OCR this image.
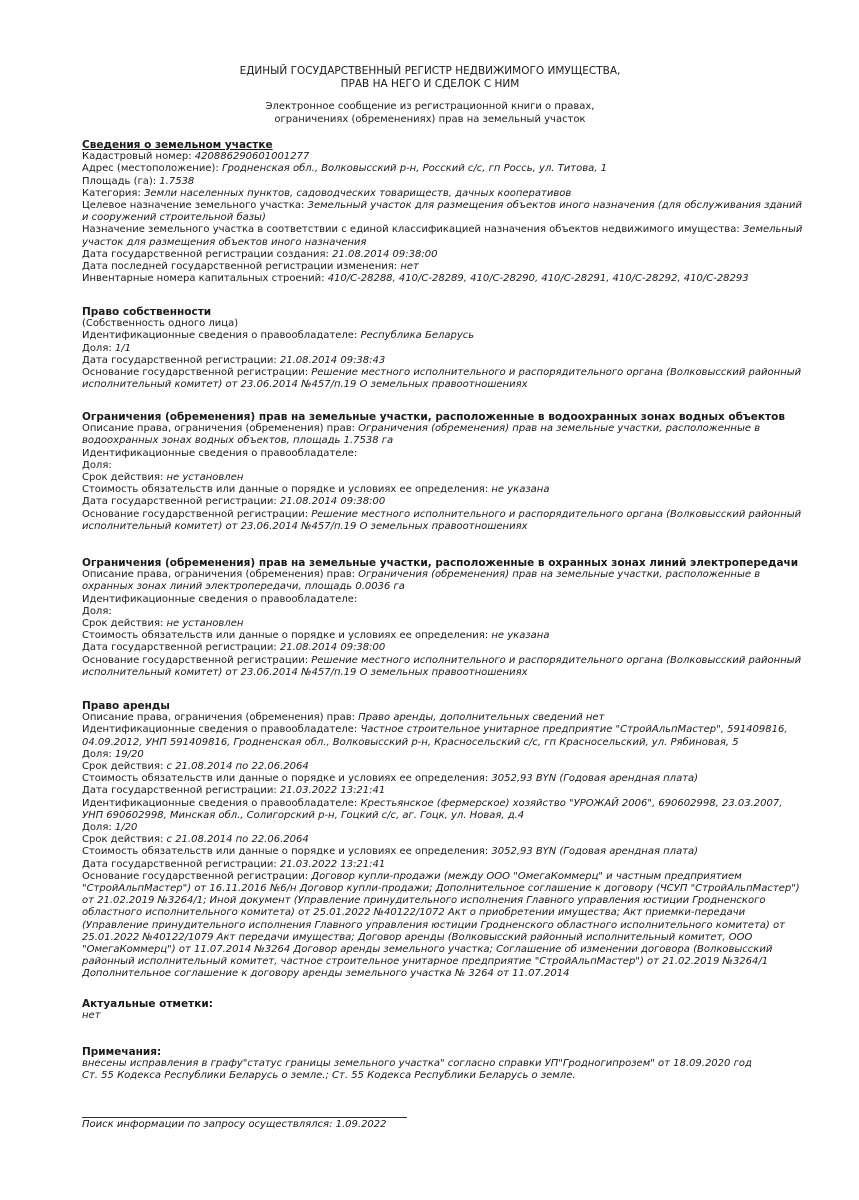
ЕДИНЫЙ ГОСУДАРСТВЕННЫЙ РЕГИСТР НЕДВИЖИМОГО ИМУЩЕСТВА,
ПРАВ НА НЕГО И СДЕЛОК С НИМ
Электронное сообщение из регистрационной книги о правах,
ограничениях (обременениях) прав на земельный участок
Сведения о земельном участке
Кадастровый номер: 420886290601001277
Адрес (местоположение): Гродненская обл., Волковысский р-н, Росский с/с, гп Россь, ул. Титова, 1
Площадь (га): 1.7538
Категория: Земли населенных пунктов, садоводческих товариществ, дачных кооперативов
Целевое назначение земельного участка: Земельный участок для размещения объектов иного назначения (для обслуживания зданий и сооружений строительной базы)
Назначение земельного участка в соответствии с единой классификацией назначения объектов недвижимого имущества: Земельный участок для размещения объектов иного назначения
Дата государственной регистрации создания: 21.08.2014 09:38:00
Дата последней государственной регистрации изменения: нет
Инвентарные номера капитальных строений: 410/C-28288, 410/C-28289, 410/C-28290, 410/C-28291, 410/C-28292, 410/C-28293
Право собственности
(Собственность одного лица)
Идентификационные сведения о правообладателе: Республика Беларусь
Доля: 1/1
Дата государственной регистрации: 21.08.2014 09:38:43
Основание государственной регистрации: Решение местного исполнительного и распорядительного органа (Волковысский районный исполнительный комитет) от 23.06.2014 №457/п.19 О земельных правоотношениях
Ограничения (обременения) прав на земельные участки, расположенные в водоохранных зонах водных объектов
Описание права, ограничения (обременения) прав: Ограничения (обременения) прав на земельные участки, расположенные в водоохранных зонах водных объектов, площадь 1.7538 га
Идентификационные сведения о правообладателе:
Доля:
Срок действия: не установлен
Стоимость обязательств или данные о порядке и условиях ее определения: не указана
Дата государственной регистрации: 21.08.2014 09:38:00
Основание государственной регистрации: Решение местного исполнительного и распорядительного органа (Волковысский районный исполнительный комитет) от 23.06.2014 №457/п.19 О земельных правоотношениях
Ограничения (обременения) прав на земельные участки, расположенные в охранных зонах линий электропередачи
Описание права, ограничения (обременения) прав: Ограничения (обременения) прав на земельные участки, расположенные в охранных зонах линий электропередачи, площадь 0.0036 га
Идентификационные сведения о правообладателе:
Доля:
Срок действия: не установлен
Стоимость обязательств или данные о порядке и условиях ее определения: не указана
Дата государственной регистрации: 21.08.2014 09:38:00
Основание государственной регистрации: Решение местного исполнительного и распорядительного органа (Волковысский районный исполнительный комитет) от 23.06.2014 №457/п.19 О земельных правоотношениях
Право аренды
Описание права, ограничения (обременения) прав: Право аренды, дополнительных сведений нет
Идентификационные сведения о правообладателе: Частное строительное унитарное предприятие "СтройАльпМастер", 591409816, 04.09.2012, УНП 591409816, Гродненская обл., Волковысский р-н, Красносельский с/с, гп Красносельский, ул. Рябиновая, 5
Доля: 19/20
Срок действия: с 21.08.2014 по 22.06.2064
Стоимость обязательств или данные о порядке и условиях ее определения: 3052,93 BYN (Годовая арендная плата)
Дата государственной регистрации: 21.03.2022 13:21:41
Идентификационные сведения о правообладателе: Крестьянское (фермерское) хозяйство "УРОЖАЙ 2006", 690602998, 23.03.2007, УНП 690602998, Минская обл., Солигорский р-н, Гоцкий с/с, аг. Гоцк, ул. Новая, д.4
Доля: 1/20
Срок действия: с 21.08.2014 по 22.06.2064
Стоимость обязательств или данные о порядке и условиях ее определения: 3052,93 BYN (Годовая арендная плата)
Дата государственной регистрации: 21.03.2022 13:21:41
Основание государственной регистрации: Договор купли-продажи (между ООО "ОмегаКоммерц" и частным предприятием "СтройАльпМастер") от 16.11.2016 №6/н Договор купли-продажи; Дополнительное соглашение к договору (ЧСУП "СтройАльпМастер") от 21.02.2019 №3264/1; Иной документ (Управление принудительного исполнения Главного управления юстиции Гродненского областного исполнительного комитета) от 25.01.2022 №40122/1072 Акт о приобретении имущества; Акт приемки-передачи (Управление принудительного исполнения Главного управления юстиции Гродненского областного исполнительного комитета) от 25.01.2022 №40122/1079 Акт передачи имущества; Договор аренды (Волковысский районный исполнительный комитет, ООО "ОмегаКоммерц") от 11.07.2014 №3264 Договор аренды земельного участка; Соглашение об изменении договора (Волковысский районный исполнительный комитет, частное строительное унитарное предприятие "СтройАльпМастер") от 21.02.2019 №3264/1 Дополнительное соглашение к договору аренды земельного участка № 3264 от 11.07.2014
Актуальные отметки:
нет
Примечания:
внесены исправления в графу"статус границы земельного участка" согласно справки УП"Гродногипрозем" от 18.09.2020 год
Ст. 55 Кодекса Республики Беларусь о земле.; Ст. 55 Кодекса Республики Беларусь о земле.
Поиск информации по запросу осуществлялся: 1.09.2022
